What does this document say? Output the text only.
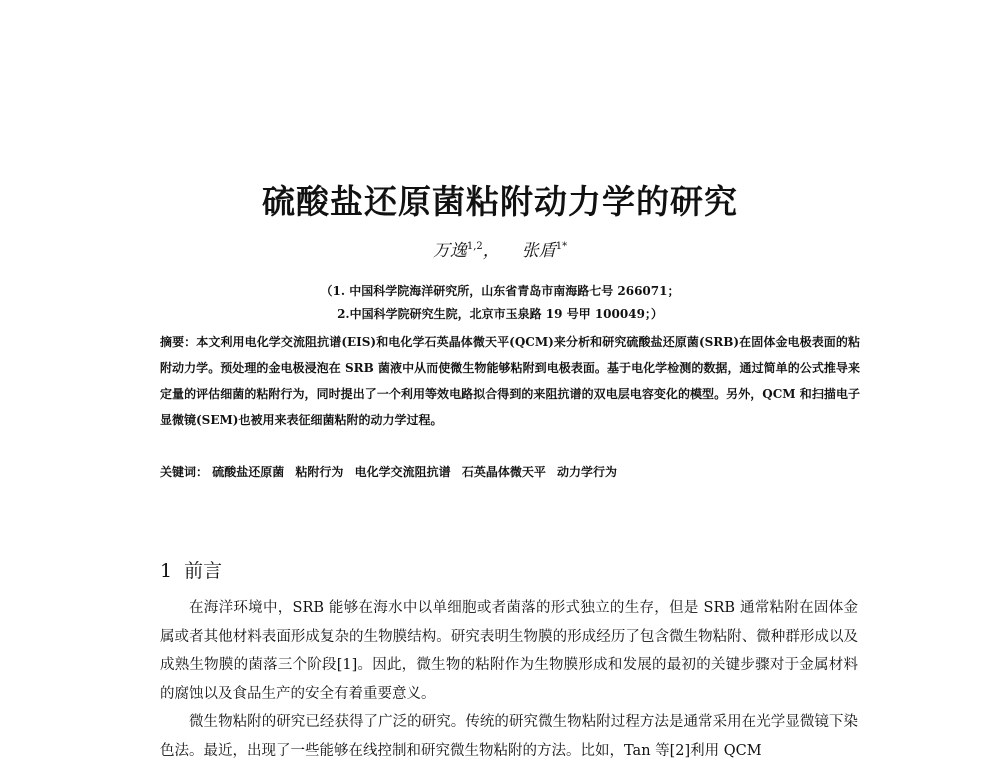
硫酸盐还原菌粘附动力学的研究
万逸$^{1,2}$， 张盾$^{1*}$
（1. 中国科学院海洋研究所，山东省青岛市南海路七号 266071；
2.中国科学院研究生院，北京市玉泉路 19 号甲 100049；）
摘要：本文利用电化学交流阻抗谱(EIS)和电化学石英晶体微天平(QCM)来分析和研究硫酸盐还原菌(SRB)在固体金电极表面的粘附动力学。预处理的金电极浸泡在 SRB 菌液中从而使微生物能够粘附到电极表面。基于电化学检测的数据，通过简单的公式推导来定量的评估细菌的粘附行为，同时提出了一个利用等效电路拟合得到的来阻抗谱的双电层电容变化的模型。另外，QCM 和扫描电子显微镜(SEM)也被用来表征细菌粘附的动力学过程。
关键词： 硫酸盐还原菌 粘附行为 电化学交流阻抗谱 石英晶体微天平 动力学行为
1 前言

在海洋环境中，SRB 能够在海水中以单细胞或者菌落的形式独立的生存，但是 SRB 通常粘附在固体金属或者其他材料表面形成复杂的生物膜结构。研究表明生物膜的形成经历了包含微生物粘附、微种群形成以及成熟生物膜的菌落三个阶段[1]。因此，微生物的粘附作为生物膜形成和发展的最初的关键步骤对于金属材料的腐蚀以及食品生产的安全有着重要意义。

微生物粘附的研究已经获得了广泛的研究。传统的研究微生物粘附过程方法是通常采用在光学显微镜下染色法。最近，出现了一些能够在线控制和研究微生物粘附的方法。比如，Tan 等[2]利用 QCM
